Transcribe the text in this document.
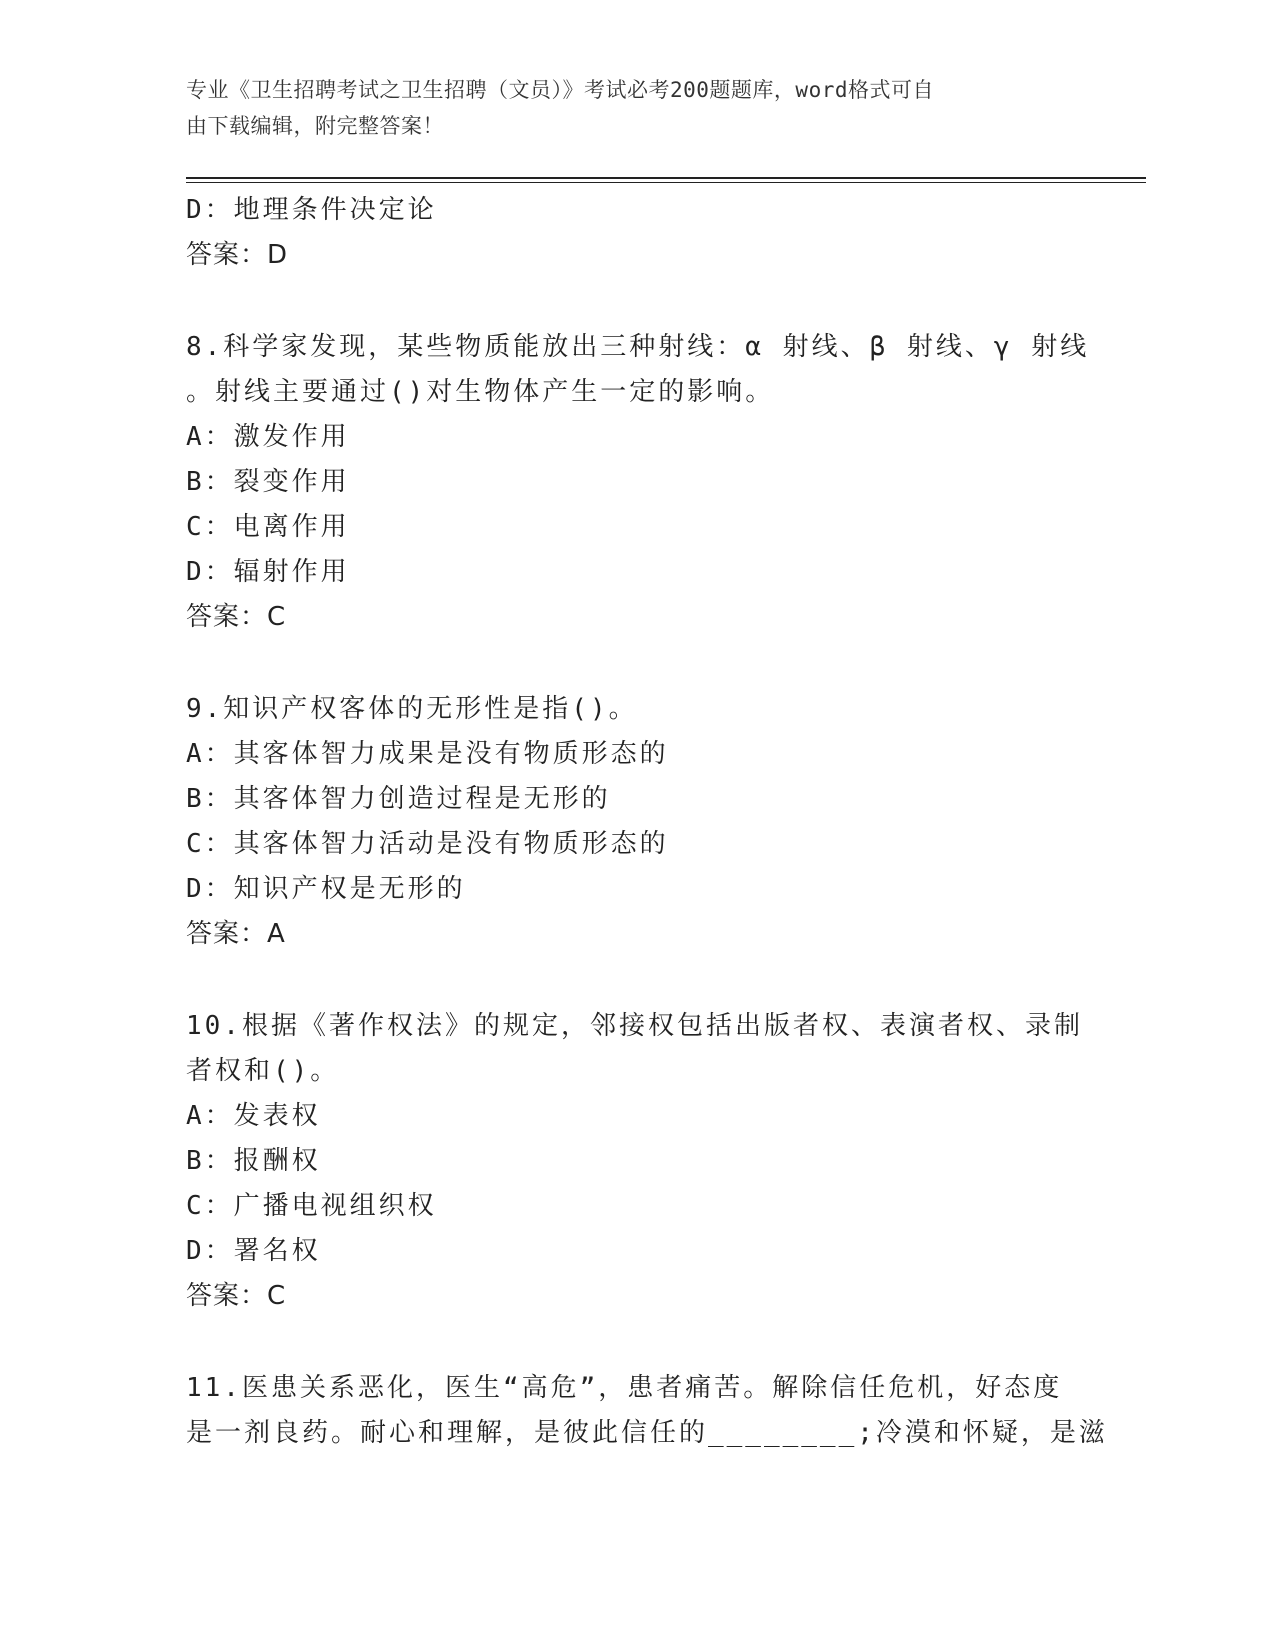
专业《卫生招聘考试之卫生招聘（文员）》考试必考200题题库，word格式可自
由下载编辑，附完整答案！
D：地理条件决定论
答案：D
8.科学家发现，某些物质能放出三种射线：α 射线、β 射线、γ 射线
。射线主要通过()对生物体产生一定的影响。
A：激发作用
B：裂变作用
C：电离作用
D：辐射作用
答案：C
9.知识产权客体的无形性是指()。
A：其客体智力成果是没有物质形态的
B：其客体智力创造过程是无形的
C：其客体智力活动是没有物质形态的
D：知识产权是无形的
答案：A
10.根据《著作权法》的规定，邻接权包括出版者权、表演者权、录制
者权和()。
A：发表权
B：报酬权
C：广播电视组织权
D：署名权
答案：C
11.医患关系恶化，医生“高危”，患者痛苦。解除信任危机，好态度
是一剂良药。耐心和理解，是彼此信任的________;冷漠和怀疑，是滋
